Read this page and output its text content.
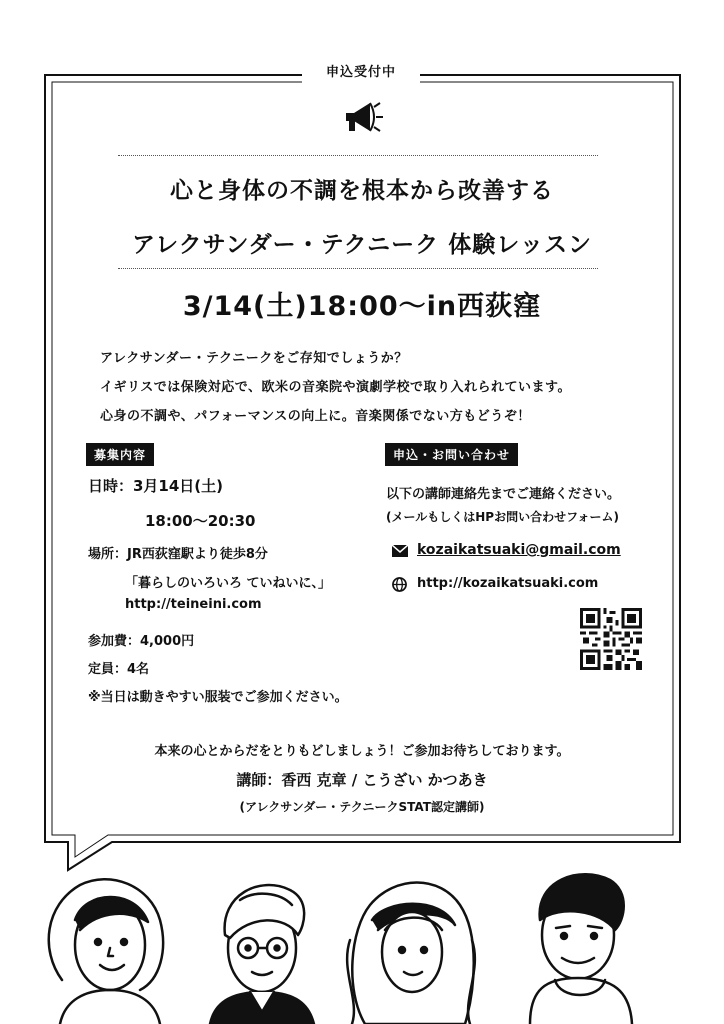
申込受付中
心と身体の不調を根本から改善する
アレクサンダー・テクニーク 体験レッスン
3/14(土)18:00〜in西荻窪
アレクサンダー・テクニークをご存知でしょうか？
イギリスでは保険対応で、欧米の音楽院や演劇学校で取り入れられています。
心身の不調や、パフォーマンスの向上に。音楽関係でない方もどうぞ！
募集内容
日時：3月14日(土)
18:00〜20:30
場所：JR西荻窪駅より徒歩8分
「暮らしのいろいろ ていねいに、」
http://teineini.com
参加費：4,000円
定員：4名
※当日は動きやすい服装でご参加ください。
申込・お問い合わせ
以下の講師連絡先までご連絡ください。
(メールもしくはHPお問い合わせフォーム)
kozaikatsuaki@gmail.com
http://kozaikatsuaki.com
本来の心とからだをとりもどしましょう！ご参加お待ちしております。
講師：香西 克章 / こうざい かつあき
(アレクサンダー・テクニークSTAT認定講師)
